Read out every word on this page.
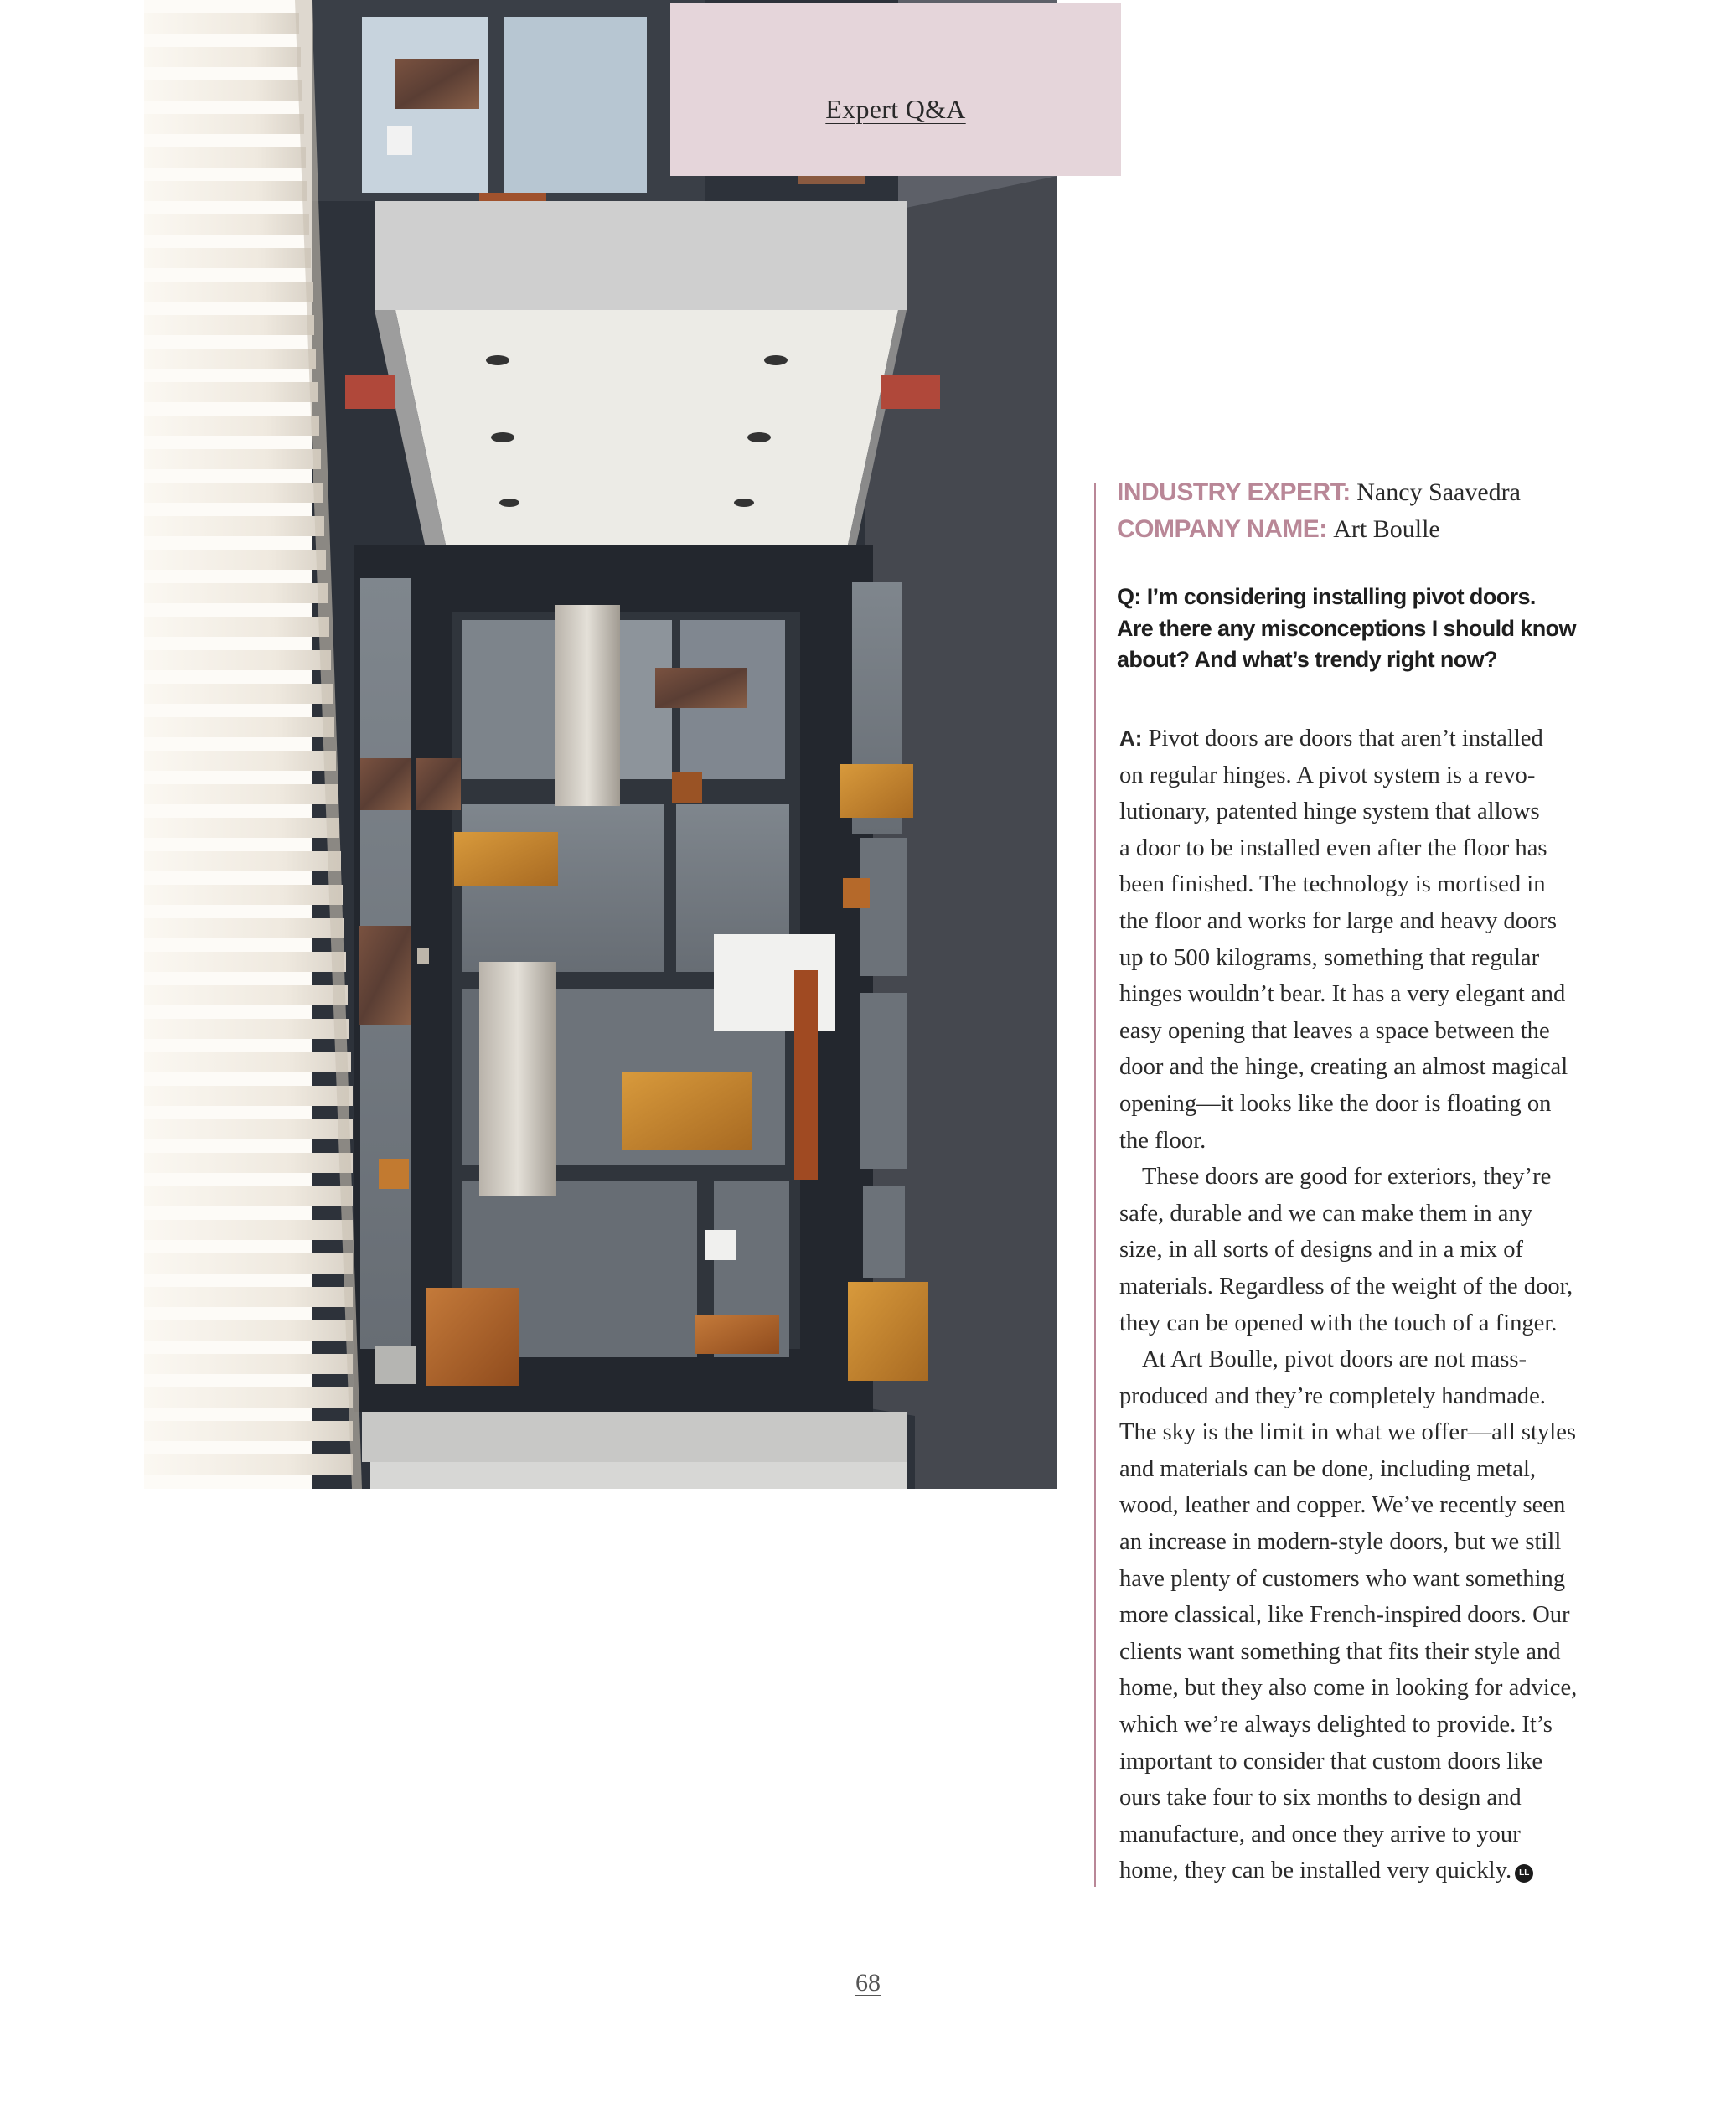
Expert Q&A
INDUSTRY EXPERT: Nancy Saavedra
COMPANY NAME: Art Boulle

Q: I’m considering installing pivot doors.
Are there any misconceptions I should know
about? And what’s trendy right now?

A: Pivot doors are doors that aren’t installed
on regular hinges. A pivot system is a revo-
lutionary, patented hinge system that allows
a door to be installed even after the floor has
been finished. The technology is mortised in
the floor and works for large and heavy doors
up to 500 kilograms, something that regular
hinges wouldn’t bear. It has a very elegant and
easy opening that leaves a space between the
door and the hinge, creating an almost magical
opening—it looks like the door is floating on
the floor.

These doors are good for exteriors, they’re
safe, durable and we can make them in any
size, in all sorts of designs and in a mix of
materials. Regardless of the weight of the door,
they can be opened with the touch of a finger.

At Art Boulle, pivot doors are not mass-
produced and they’re completely handmade.
The sky is the limit in what we offer—all styles
and materials can be done, including metal,
wood, leather and copper. We’ve recently seen
an increase in modern-style doors, but we still
have plenty of customers who want something
more classical, like French-inspired doors. Our
clients want something that fits their style and
home, but they also come in looking for advice,
which we’re always delighted to provide. It’s
important to consider that custom doors like
ours take four to six months to design and
manufacture, and once they arrive to your
home, they can be installed very quickly. LL

68
